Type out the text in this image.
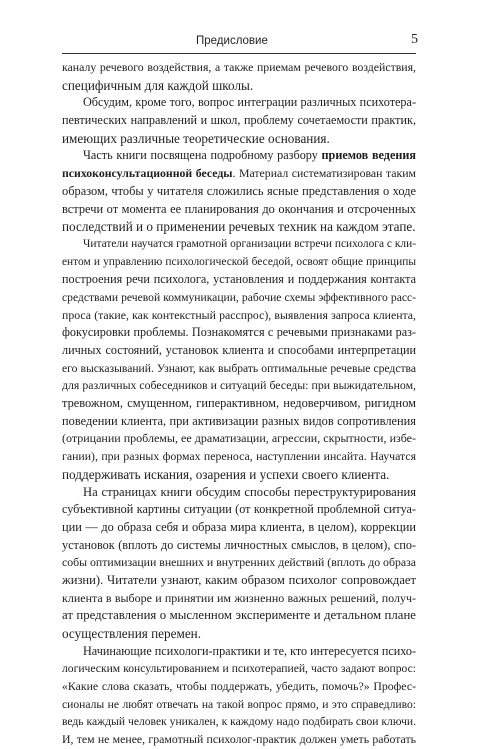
Предисловие	5
каналу речевого воздействия, а также приемам речевого воздействия,
специфичным для каждой школы.
Обсудим, кроме того, вопрос интеграции различных психотера-
певтических направлений и школ, проблему сочетаемости практик,
имеющих различные теоретические основания.
Часть книги посвящена подробному разбору приемов ведения
психоконсультационной беседы. Материал систематизирован таким
образом, чтобы у читателя сложились ясные представления о ходе
встречи от момента ее планирования до окончания и отсроченных
последствий и о применении речевых техник на каждом этапе.
Читатели научатся грамотной организации встречи психолога с кли-
ентом и управлению психологической беседой, освоят общие принципы
построения речи психолога, установления и поддержания контакта
средствами речевой коммуникации, рабочие схемы эффективного расс-
проса (такие, как контекстный расспрос), выявления запроса клиента,
фокусировки проблемы. Познакомятся с речевыми признаками раз-
личных состояний, установок клиента и способами интерпретации
его высказываний. Узнают, как выбрать оптимальные речевые средства
для различных собеседников и ситуаций беседы: при выжидательном,
тревожном, смущенном, гиперактивном, недоверчивом, ригидном
поведении клиента, при активизации разных видов сопротивления
(отрицании проблемы, ее драматизации, агрессии, скрытности, избе-
гании), при разных формах переноса, наступлении инсайта. Научатся
поддерживать искания, озарения и успехи своего клиента.
На страницах книги обсудим способы переструктурирования
субъективной картины ситуации (от конкретной проблемной ситуа-
ции — до образа себя и образа мира клиента, в целом), коррекции
установок (вплоть до системы личностных смыслов, в целом), спо-
собы оптимизации внешних и внутренних действий (вплоть до образа
жизни). Читатели узнают, каким образом психолог сопровождает
клиента в выборе и принятии им жизненно важных решений, получ-
ат представления о мысленном эксперименте и детальном плане
осуществления перемен.
Начинающие психологи-практики и те, кто интересуется психо-
логическим консультированием и психотерапией, часто задают вопрос:
«Какие слова сказать, чтобы поддержать, убедить, помочь?» Профес-
сионалы не любят отвечать на такой вопрос прямо, и это справедливо:
ведь каждый человек уникален, к каждому надо подбирать свои ключи.
И, тем не менее, грамотный психолог-практик должен уметь работать
